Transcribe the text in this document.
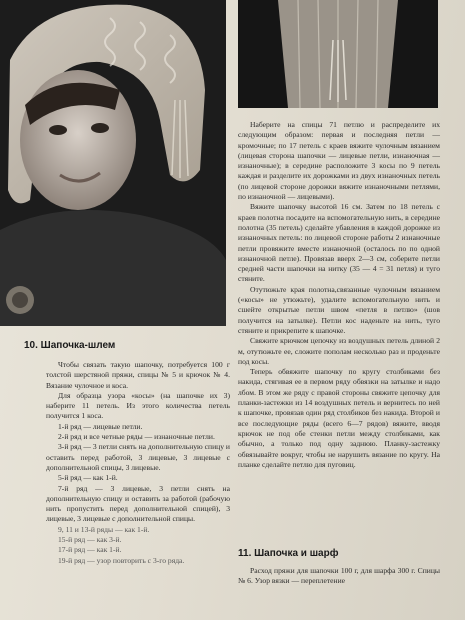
10. Шапочка-шлем

Чтобы связать такую шапочку, потребуется 100 г толстой шерстяной пряжи, спицы № 5 и крючок № 4. Вязание чулочное и коса.

Для образца узора «косы» (на шапочке их 3) наберите 11 петель. Из этого количества петель получится 1 коса.

1-й ряд — лицевые петли.

2-й ряд и все четные ряды — изнаночные петли.

3-й ряд — 3 петли снять на дополнительную спицу и оставить перед работой, 3 лицевые, 3 лицевые с дополнительной спицы, 3 лицевые.

5-й ряд — как 1-й.

7-й ряд — 3 лицевые, 3 петли снять на дополнительную спицу и оставить за работой (рабочую нить пропустить перед дополнительной спицей), 3 лицевые, 3 лицевые с дополнительной спицы.

9, 11 и 13-й ряды — как 1-й.

15-й ряд — как 3-й.

17-й ряд — как 1-й.

19-й ряд — узор повторить с 3-го ряда.

Наберите на спицы 71 петлю и распределите их следующим образом: первая и последняя петли — кромочные; по 17 петель с краев вяжите чулочным вязанием (лицевая сторона шапочки — лицевые петли, изнаночная — изнаночные); в середине расположите 3 косы по 9 петель каждая и разделите их дорожками из двух изнаночных петель (по лицевой стороне дорожки вяжите изнаночными петлями, по изнаночной — лицевыми).

Вяжите шапочку высотой 16 см. Затем по 18 петель с краев полотна посадите на вспомогательную нить, в середине полотна (35 петель) сделайте убавления в каждой дорожке из изнаночных петель: по лицевой стороне работы 2 изнаночные петли провяжите вместе изнаночной (осталось по по одной изнаночной петле). Провязав вверх 2—3 см, соберите петли средней части шапочки на нитку (35 — 4 = 31 петля) и туго стяните.

Отутюжьте края полотна,связанные чулочным вязанием («косы» не утюжьте), удалите вспомогательную нить и сшейте открытые петли швом «петля в петлю» (шов получится на затылке). Петли кос наденьте на нить, туго стяните и прикрепите к шапочке.

Свяжите крючком цепочку из воздушных петель длиной 2 м, отутюжьте ее, сложите пополам несколько раз и проденьте под косы.

Теперь обвяжите шапочку по кругу столбиками без накида, стягивая ее в первом ряду обвязки на затылке и надо лбом. В этом же ряду с правой стороны свяжите цепочку для планки-застежки из 14 воздушных петель и вернитесь по ней к шапочке, провязав один ряд столбиков без накида. Второй и все последующие ряды (всего 6—7 рядов) вяжите, вводя крючок не под обе стенки петли между столбиками, как обычно, а только под одну заднюю. Планку-застежку обвязывайте вокруг, чтобы не нарушить вязание по кругу. На планке сделайте петлю для пуговиц.

11. Шапочка и шарф

Расход пряжи для шапочки 100 г, для шарфа 300 г. Спицы № 6. Узор вязки — переплетение
